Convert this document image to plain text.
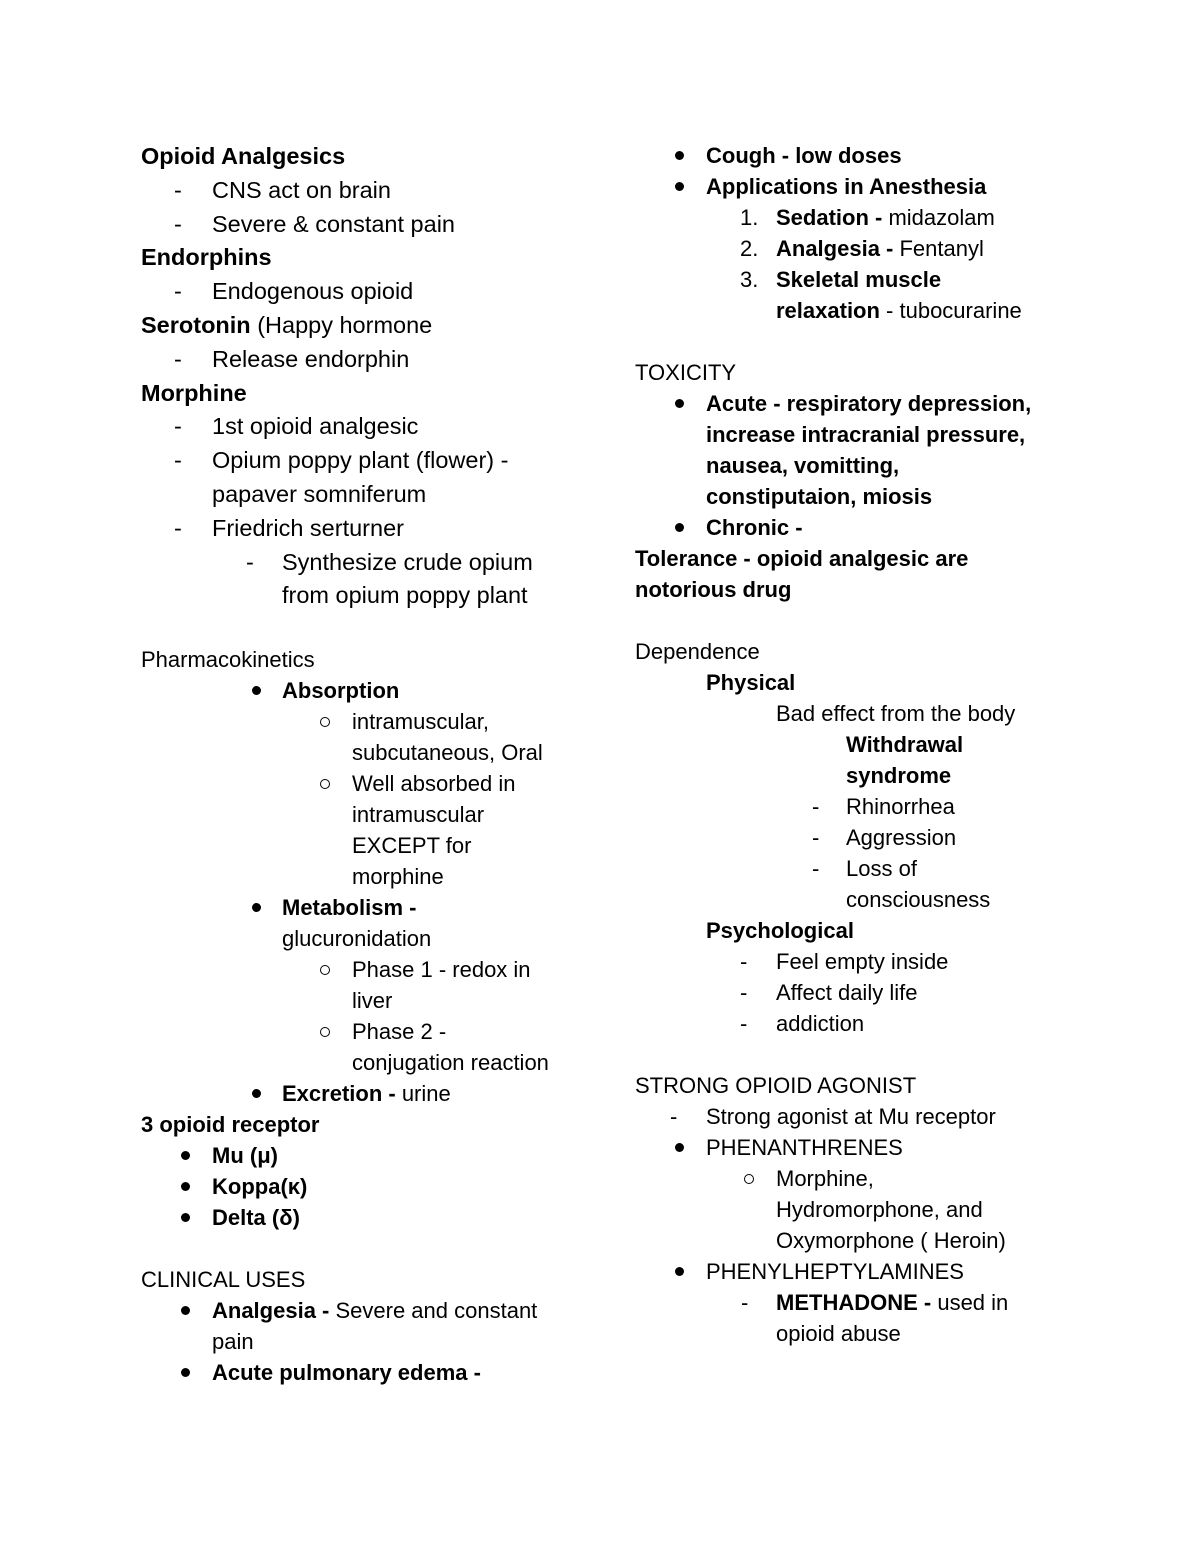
Opioid Analgesics
- CNS act on brain
- Severe & constant pain
Endorphins
- Endogenous opioid
Serotonin (Happy hormone
- Release endorphin
Morphine
- 1st opioid analgesic
- Opium poppy plant (flower) -
papaver somniferum
- Friedrich serturner
- Synthesize crude opium
from opium poppy plant
Pharmacokinetics
Absorption
intramuscular,
subcutaneous, Oral
Well absorbed in
intramuscular
EXCEPT for
morphine
Metabolism -
glucuronidation
Phase 1 - redox in
liver
Phase 2 -
conjugation reaction
Excretion - urine
3 opioid receptor
Mu (μ)
Koppa(κ)
Delta (δ)
CLINICAL USES
Analgesia - Severe and constant
pain
Acute pulmonary edema -
Cough - low doses
Applications in Anesthesia
1. Sedation - midazolam
2. Analgesia - Fentanyl
3. Skeletal muscle
relaxation - tubocurarine
TOXICITY
Acute - respiratory depression,
increase intracranial pressure,
nausea, vomitting,
constiputaion, miosis
Chronic -
Tolerance - opioid analgesic are
notorious drug
Dependence
Physical
Bad effect from the body
Withdrawal
syndrome
- Rhinorrhea
- Aggression
- Loss of
consciousness
Psychological
- Feel empty inside
- Affect daily life
- addiction
STRONG OPIOID AGONIST
- Strong agonist at Mu receptor
PHENANTHRENES
Morphine,
Hydromorphone, and
Oxymorphone ( Heroin)
PHENYLHEPTYLAMINES
- METHADONE - used in
opioid abuse
